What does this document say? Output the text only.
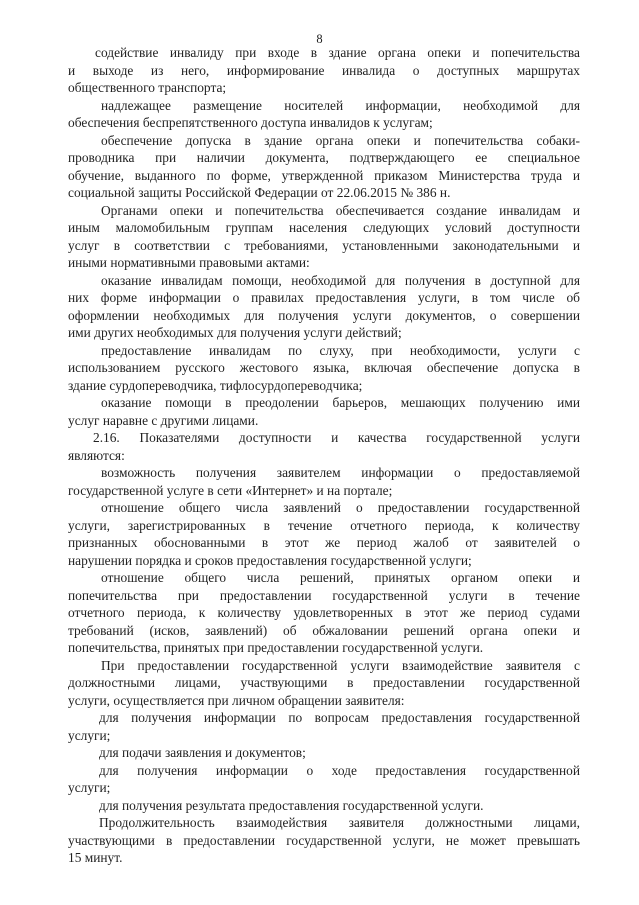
8
содействие инвалиду при входе в здание органа опеки и попечительства
и выходе из него, информирование инвалида о доступных маршрутах
общественного транспорта;
надлежащее размещение носителей информации, необходимой для
обеспечения беспрепятственного доступа инвалидов к услугам;
обеспечение допуска в здание органа опеки и попечительства собаки-
проводника при наличии документа, подтверждающего ее специальное
обучение, выданного по форме, утвержденной приказом Министерства труда и
социальной защиты Российской Федерации от 22.06.2015 № 386 н.
Органами опеки и попечительства обеспечивается создание инвалидам и
иным маломобильным группам населения следующих условий доступности
услуг в соответствии с требованиями, установленными законодательными и
иными нормативными правовыми актами:
оказание инвалидам помощи, необходимой для получения в доступной для
них форме информации о правилах предоставления услуги, в том числе об
оформлении необходимых для получения услуги документов, о совершении
ими других необходимых для получения услуги действий;
предоставление инвалидам по слуху, при необходимости, услуги с
использованием русского жестового языка, включая обеспечение допуска в
здание сурдопереводчика, тифлосурдопереводчика;
оказание помощи в преодолении барьеров, мешающих получению ими
услуг наравне с другими лицами.
2.16. Показателями доступности и качества государственной услуги
являются:
возможность получения заявителем информации о предоставляемой
государственной услуге в сети «Интернет» и на портале;
отношение общего числа заявлений о предоставлении государственной
услуги, зарегистрированных в течение отчетного периода, к количеству
признанных обоснованными в этот же период жалоб от заявителей о
нарушении порядка и сроков предоставления государственной услуги;
отношение общего числа решений, принятых органом опеки и
попечительства при предоставлении государственной услуги в течение
отчетного периода, к количеству удовлетворенных в этот же период судами
требований (исков, заявлений) об обжаловании решений органа опеки и
попечительства, принятых при предоставлении государственной услуги.
При предоставлении государственной услуги взаимодействие заявителя с
должностными лицами, участвующими в предоставлении государственной
услуги, осуществляется при личном обращении заявителя:
для получения информации по вопросам предоставления государственной
услуги;
для подачи заявления и документов;
для получения информации о ходе предоставления государственной
услуги;
для получения результата предоставления государственной услуги.
Продолжительность взаимодействия заявителя должностными лицами,
участвующими в предоставлении государственной услуги, не может превышать
15 минут.
